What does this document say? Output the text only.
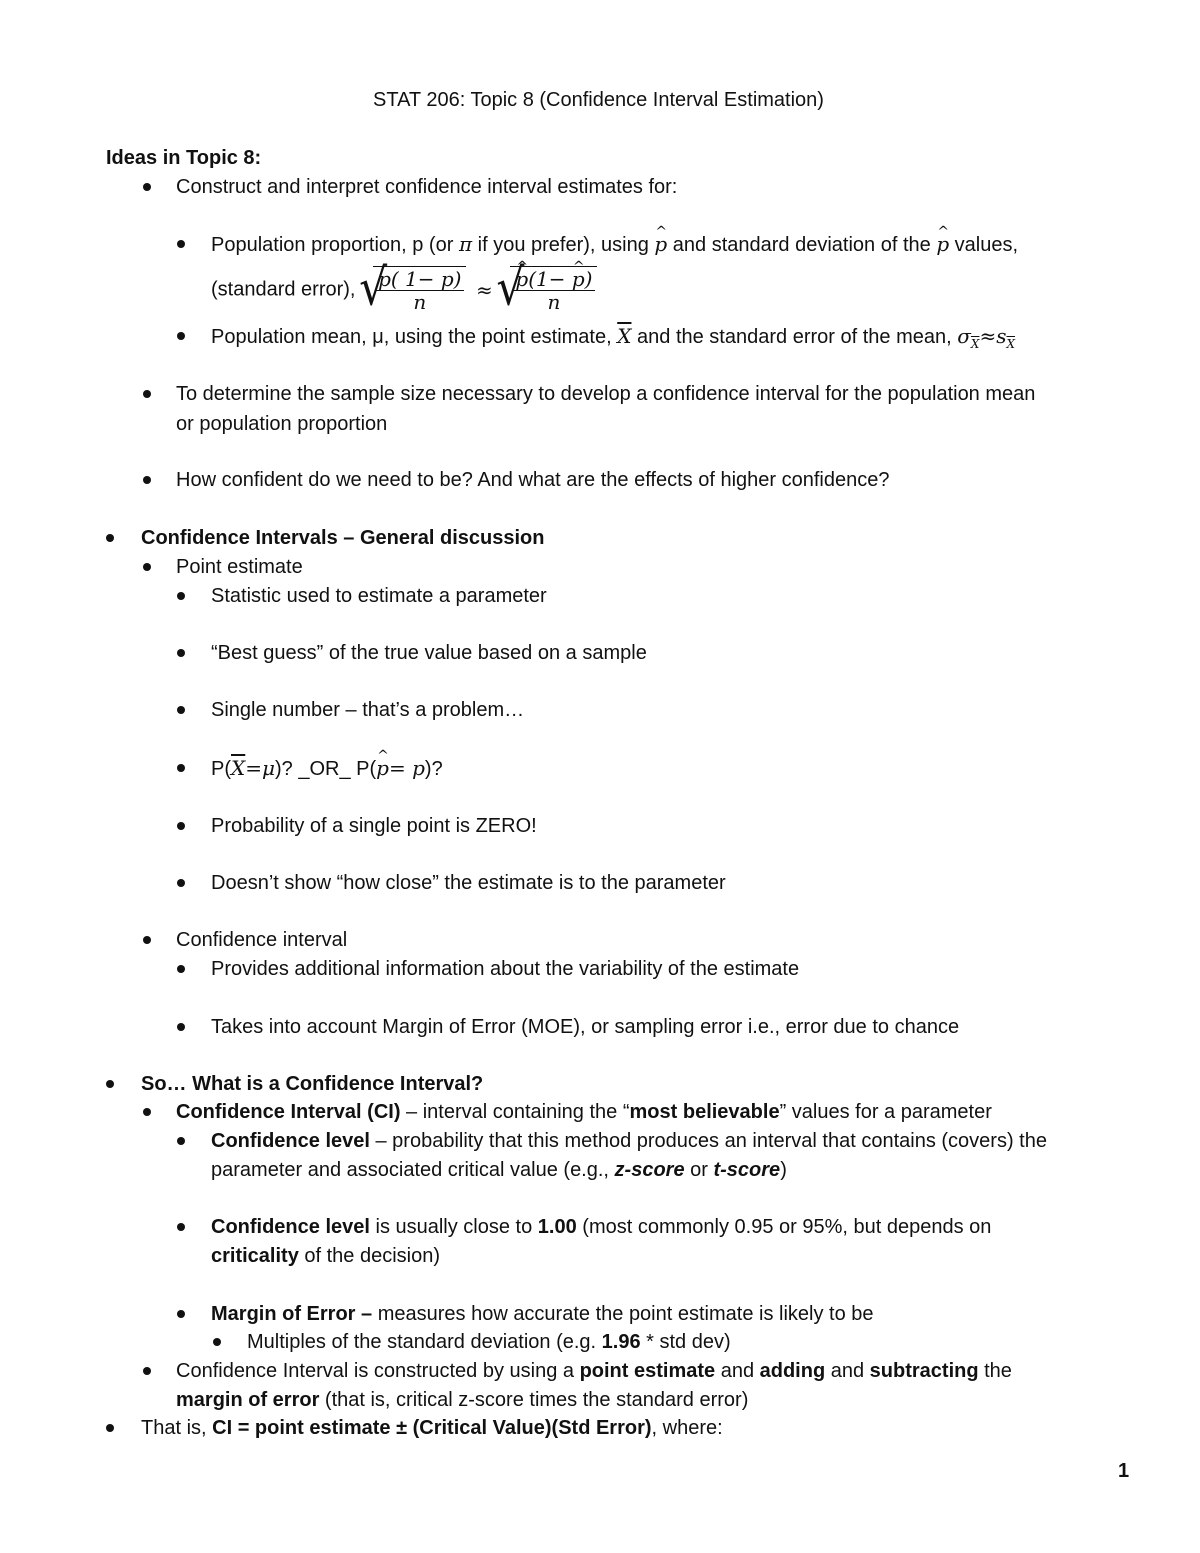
STAT 206: Topic 8 (Confidence Interval Estimation)
Ideas in Topic 8:
Construct and interpret confidence interval estimates for:
Population proportion, p (or π if you prefer), using ^ p and standard deviation of the ^ p values,
(standard error), √ $\frac{p( 1- p)}{n}$ ≈ √ ^ $\frac{p(1- \^{} p)}{n}$
Population mean, μ, using the point estimate, $\overline{X}$ and the standard error of the mean, $\sigma_{\overline{X}}\approx s_{\overline{X}}$
To determine the sample size necessary to develop a confidence interval for the population mean
or population proportion
How confident do we need to be? And what are the effects of higher confidence?
Confidence Intervals – General discussion
Point estimate
Statistic used to estimate a parameter
“Best guess” of the true value based on a sample
Single number – that’s a problem…
$P(\overline{X}=\mu)$? _OR_ P(^ p= p)?
Probability of a single point is ZERO!
Doesn’t show “how close” the estimate is to the parameter
Confidence interval
Provides additional information about the variability of the estimate
Takes into account Margin of Error (MOE), or sampling error i.e., error due to chance
So… What is a Confidence Interval?
Confidence Interval (CI) – interval containing the “most believable” values for a parameter
Confidence level – probability that this method produces an interval that contains (covers) the
parameter and associated critical value (e.g., z-score or t-score)
Confidence level is usually close to 1.00 (most commonly 0.95 or 95%, but depends on
criticality of the decision)
Margin of Error – measures how accurate the point estimate is likely to be
Multiples of the standard deviation (e.g. 1.96 * std dev)
Confidence Interval is constructed by using a point estimate and adding and subtracting the
margin of error (that is, critical z-score times the standard error)
That is, CI = point estimate ± (Critical Value)(Std Error), where:
1
